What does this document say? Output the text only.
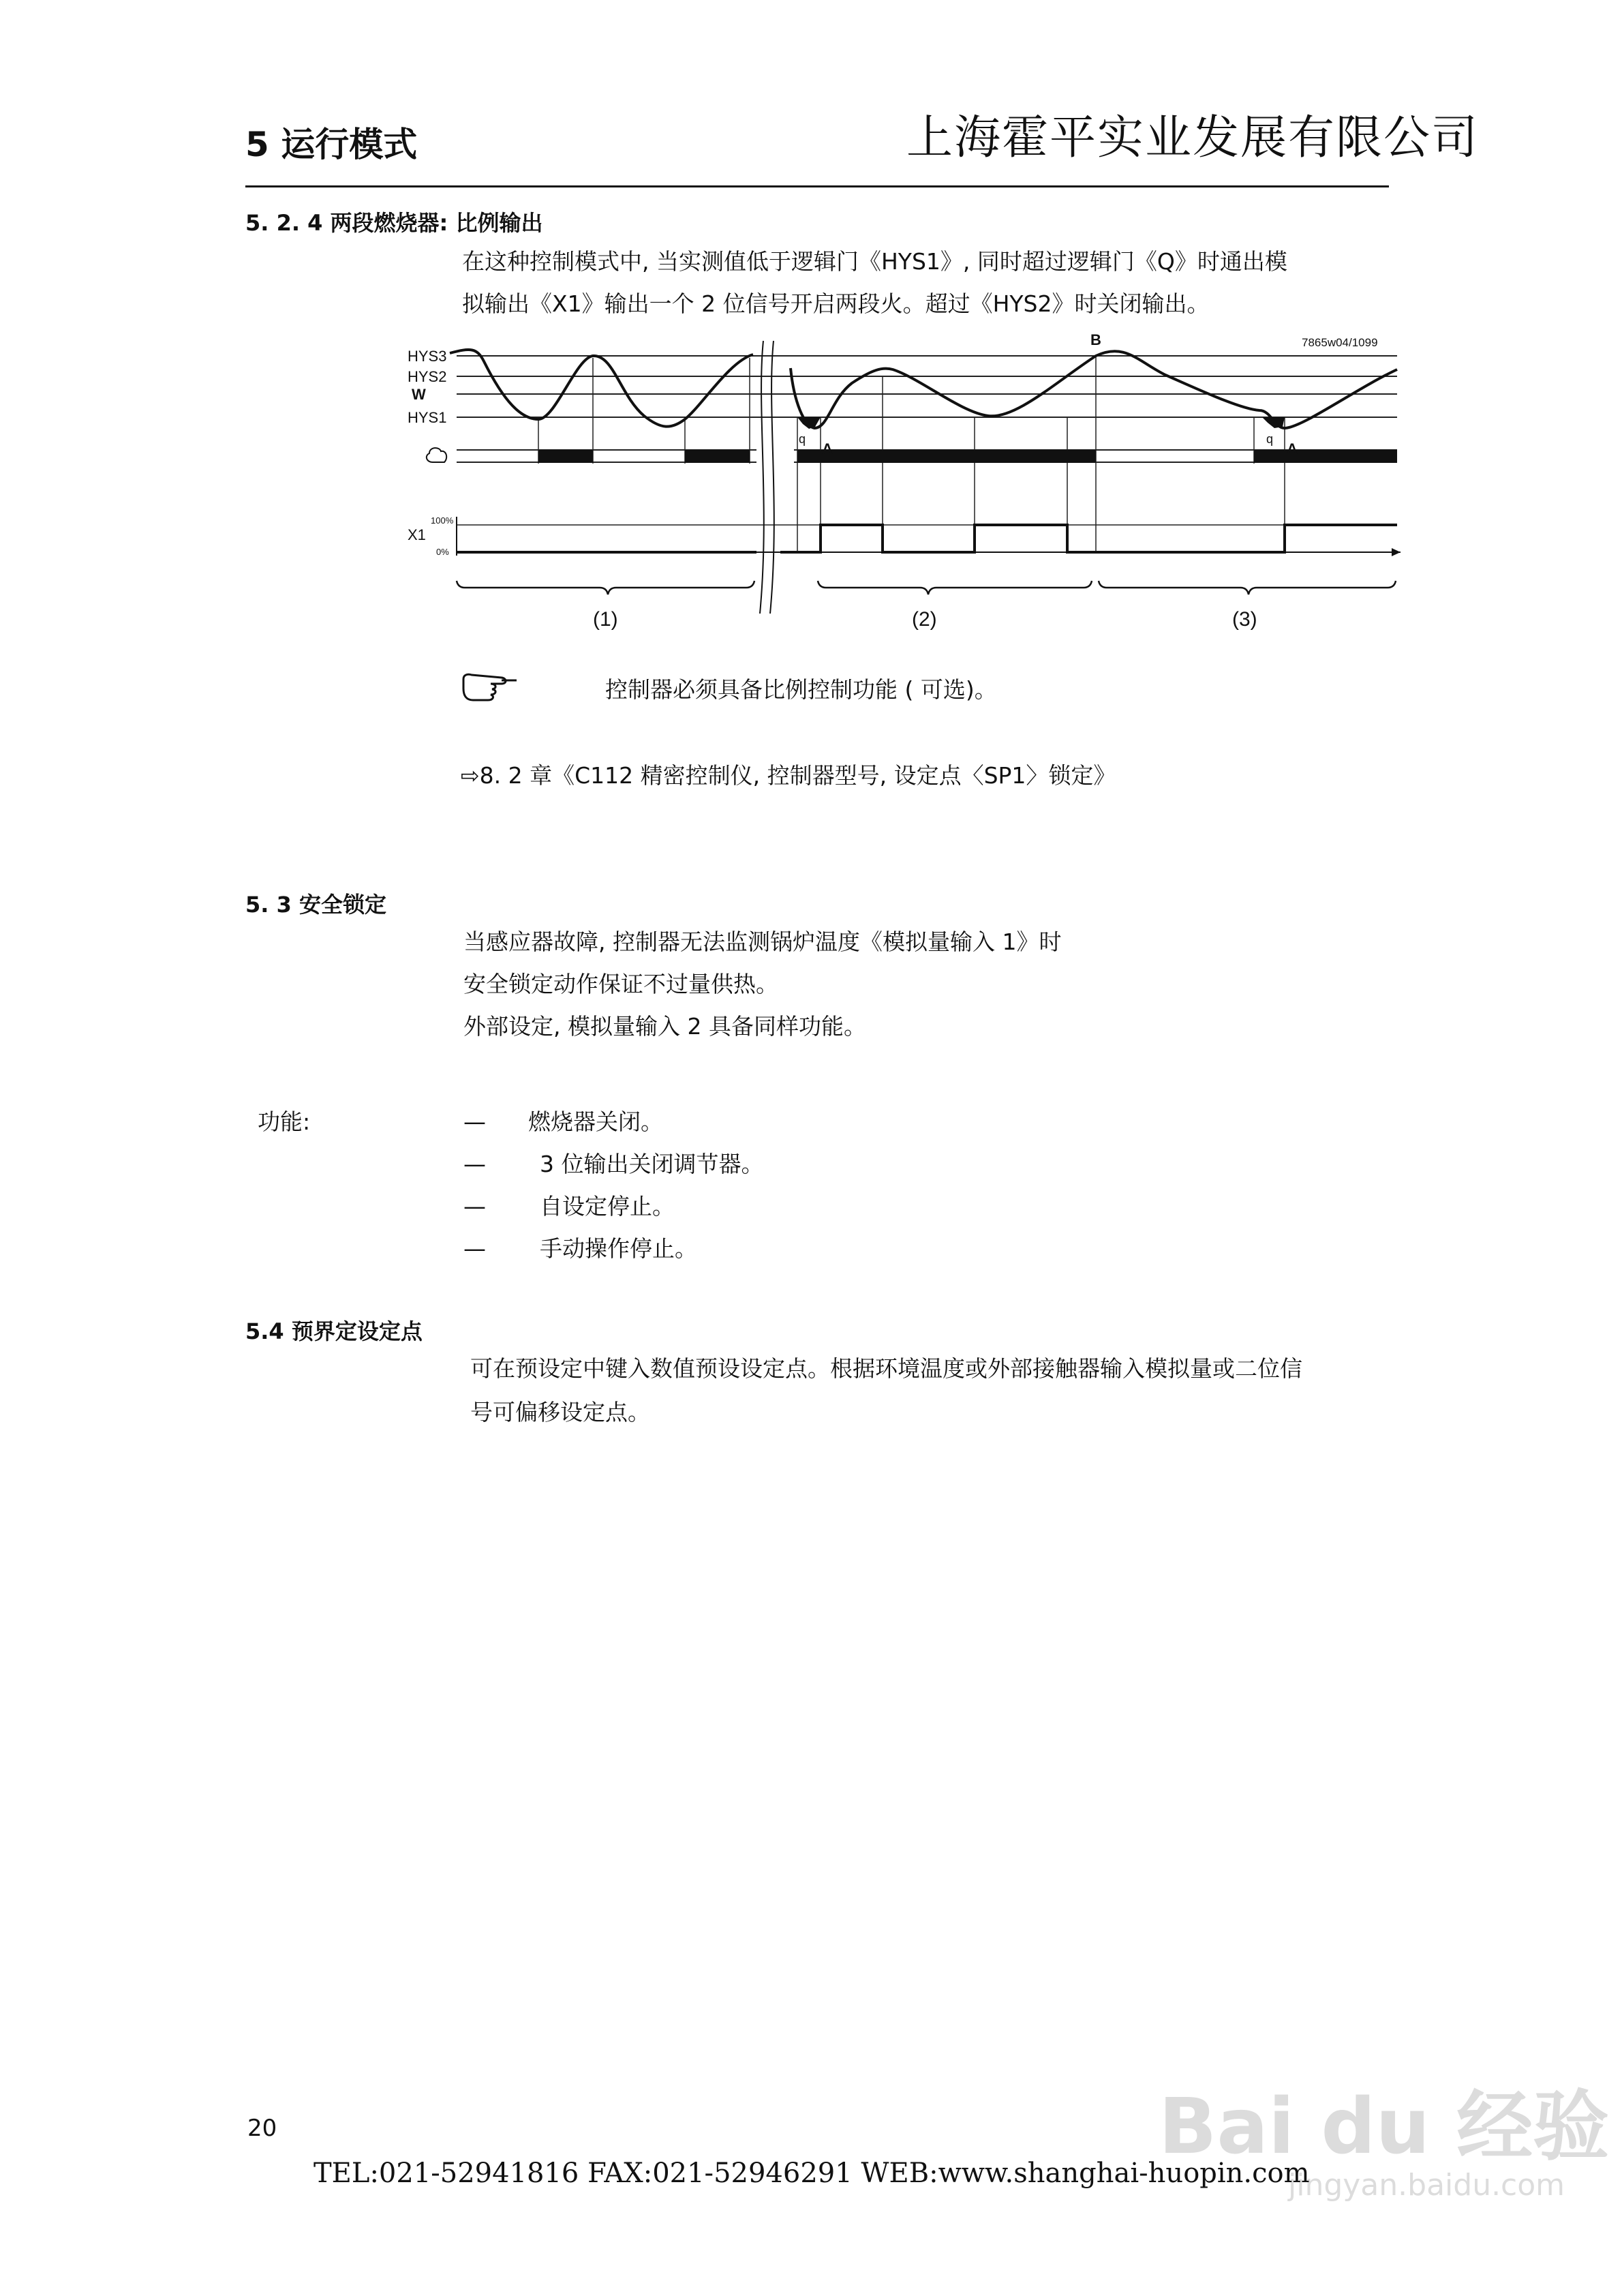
5 运行模式	上海霍平实业发展有限公司
5. 2. 4 两段燃烧器: 比例输出
在这种控制模式中, 当实测值低于逻辑门《HYS1》, 同时超过逻辑门《Q》时通出模
拟输出《X1》输出一个 2 位信号开启两段火。超过《HYS2》时关闭输出。
HYS3
HYS2
W
HYS1
7865w04/1099
B
q
A
q
A
X1
100%
0%
(1)	(2)	(3)
控制器必须具备比例控制功能 ( 可选)。
⇨8. 2 章《C112 精密控制仪, 控制器型号, 设定点〈SP1〉锁定》
5. 3 安全锁定
当感应器故障, 控制器无法监测锅炉温度《模拟量输入 1》时
安全锁定动作保证不过量供热。
外部设定, 模拟量输入 2 具备同样功能。
功能:	— 燃烧器关闭。
— 3 位输出关闭调节器。
— 自设定停止。
— 手动操作停止。
5.4 预界定设定点
可在预设定中键入数值预设设定点。根据环境温度或外部接触器输入模拟量或二位信
号可偏移设定点。
Bai du 经验
jingyan.baidu.com
20
TEL:021-52941816 FAX:021-52946291 WEB:www.shanghai-huopin.com
